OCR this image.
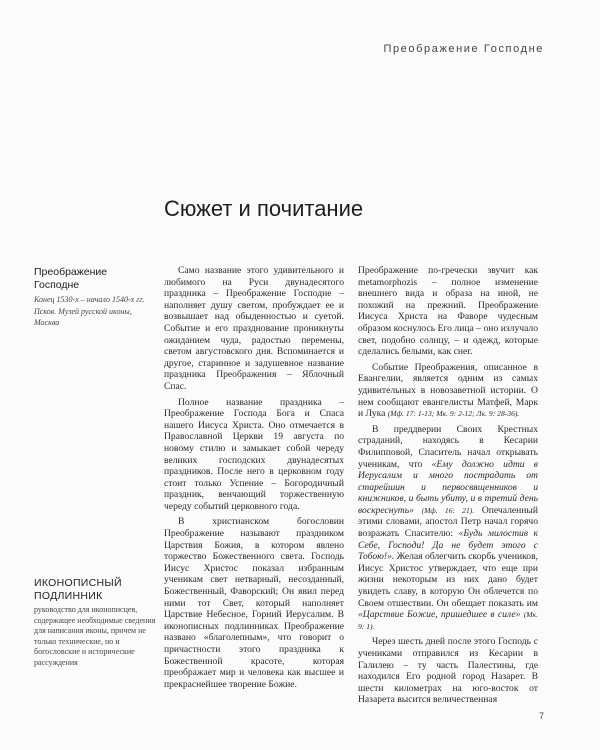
Преображение Господне
Сюжет и почитание
Преображение Господне
Конец 1530-х – начало 1540-х гг. Псков. Музей русской иконы, Москва
ИКОНОПИСНЫЙ ПОДЛИННИК
руководство для иконописцев, содержащее необходимые сведения для написания иконы, причем не только технические, но и богословские и исторические рассуждения

Само название этого удивительного и любимого на Руси двунадесятого праздника – Преображение Господне – наполняет душу светом, пробуждает ее и возвышает над обыденностью и суетой. Событие и его празднование проникнуты ожиданием чуда, радостью перемены, светом августовского дня. Вспоминается и другое, старинное и задушевное название праздника Преображения – Яблочный Спас.

Полное название праздника – Преображение Господа Бога и Спаса нашего Иисуса Христа. Оно отмечается в Православной Церкви 19 августа по новому стилю и замыкает собой череду великих господских двунадесятых праздников. После него в церковном году стоит только Успение – Богородичный праздник, венчающий торжественную череду событий церковного года.

В христианском богословии Преображение называют праздником Царствия Божия, в котором явлено торжество Божественного света. Господь Иисус Христос показал избранным ученикам свет нетварный, несозданный, Божественный, Фаворский; Он явил перед ними тот Свет, который наполняет Царствие Небесное, Горний Иерусалим. В иконописных подлинниках Преображение названо «благолепным», что говорит о причастности этого праздника к Божественной красоте, которая преображает мир и человека как высшее и прекраснейшее творение Божие.

Преображение по-гречески звучит как metamorphozis – полное изменение внешнего вида и образа на иной, не похожий на прежний. Преображение Иисуса Христа на Фаворе чудесным образом коснулось Его лица – оно излучало свет, подобно солнцу, – и одежд, которые сделались белыми, как снег.

Событие Преображения, описанное в Евангелии, является одним из самых удивительных в новозаветной истории. О нем сообщают евангелисты Матфей, Марк и Лука (Мф. 17: 1-13; Мк. 9: 2-12; Лк. 9: 28-36).

В преддверии Своих Крестных страданий, находясь в Кесарии Филипповой, Спаситель начал открывать ученикам, что «Ему должно идти в Иерусалим и много пострадать от старейшин и первосвященников и книжников, и быть убиту, и в третий день воскреснуть» (Мф. 16: 21). Опечаленный этими словами, апостол Петр начал горячо возражать Спасителю: «Будь милостив к Себе, Господи! Да не будет этого с Тобою!». Желая облегчить скорбь учеников, Иисус Христос утверждает, что еще при жизни некоторым из них дано будет увидеть славу, в которую Он облечется по Своем отшествии. Он обещает показать им «Царствие Божие, пришедшее в силе» (Мк. 9: 1).

Через шесть дней после этого Господь с учениками отправился из Кесарии в Галилею – ту часть Палестины, где находился Его родной город Назарет. В шести километрах на юго-восток от Назарета высится величественная

7
